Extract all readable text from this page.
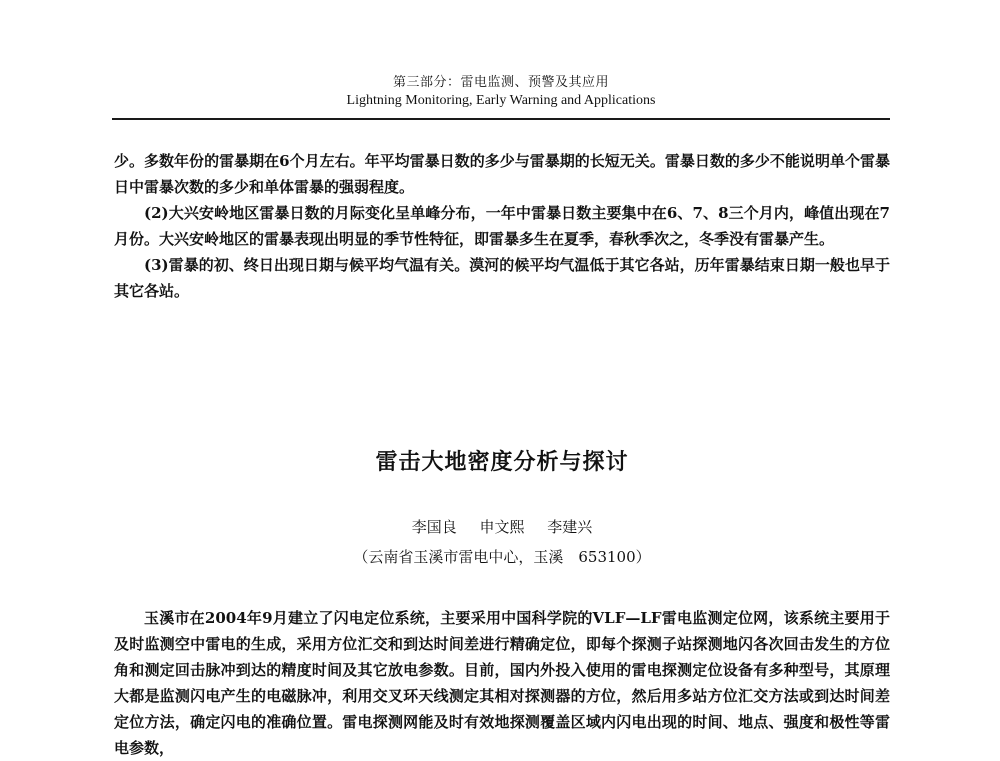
第三部分：雷电监测、预警及其应用
Lightning Monitoring, Early Warning and Applications

少。多数年份的雷暴期在6个月左右。年平均雷暴日数的多少与雷暴期的长短无关。雷暴日数的多少不能说明单个雷暴日中雷暴次数的多少和单体雷暴的强弱程度。

(2)大兴安岭地区雷暴日数的月际变化呈单峰分布，一年中雷暴日数主要集中在6、7、8三个月内，峰值出现在7月份。大兴安岭地区的雷暴表现出明显的季节性特征，即雷暴多生在夏季，春秋季次之，冬季没有雷暴产生。

(3)雷暴的初、终日出现日期与候平均气温有关。漠河的候平均气温低于其它各站，历年雷暴结束日期一般也早于其它各站。

雷击大地密度分析与探讨
李国良 申文熙 李建兴
（云南省玉溪市雷电中心，玉溪　653100）

玉溪市在2004年9月建立了闪电定位系统，主要采用中国科学院的VLF—LF雷电监测定位网，该系统主要用于及时监测空中雷电的生成，采用方位汇交和到达时间差进行精确定位，即每个探测子站探测地闪各次回击发生的方位角和测定回击脉冲到达的精度时间及其它放电参数。目前，国内外投入使用的雷电探测定位设备有多种型号，其原理大都是监测闪电产生的电磁脉冲，利用交叉环天线测定其相对探测器的方位，然后用多站方位汇交方法或到达时间差定位方法，确定闪电的准确位置。雷电探测网能及时有效地探测覆盖区域内闪电出现的时间、地点、强度和极性等雷电参数，
